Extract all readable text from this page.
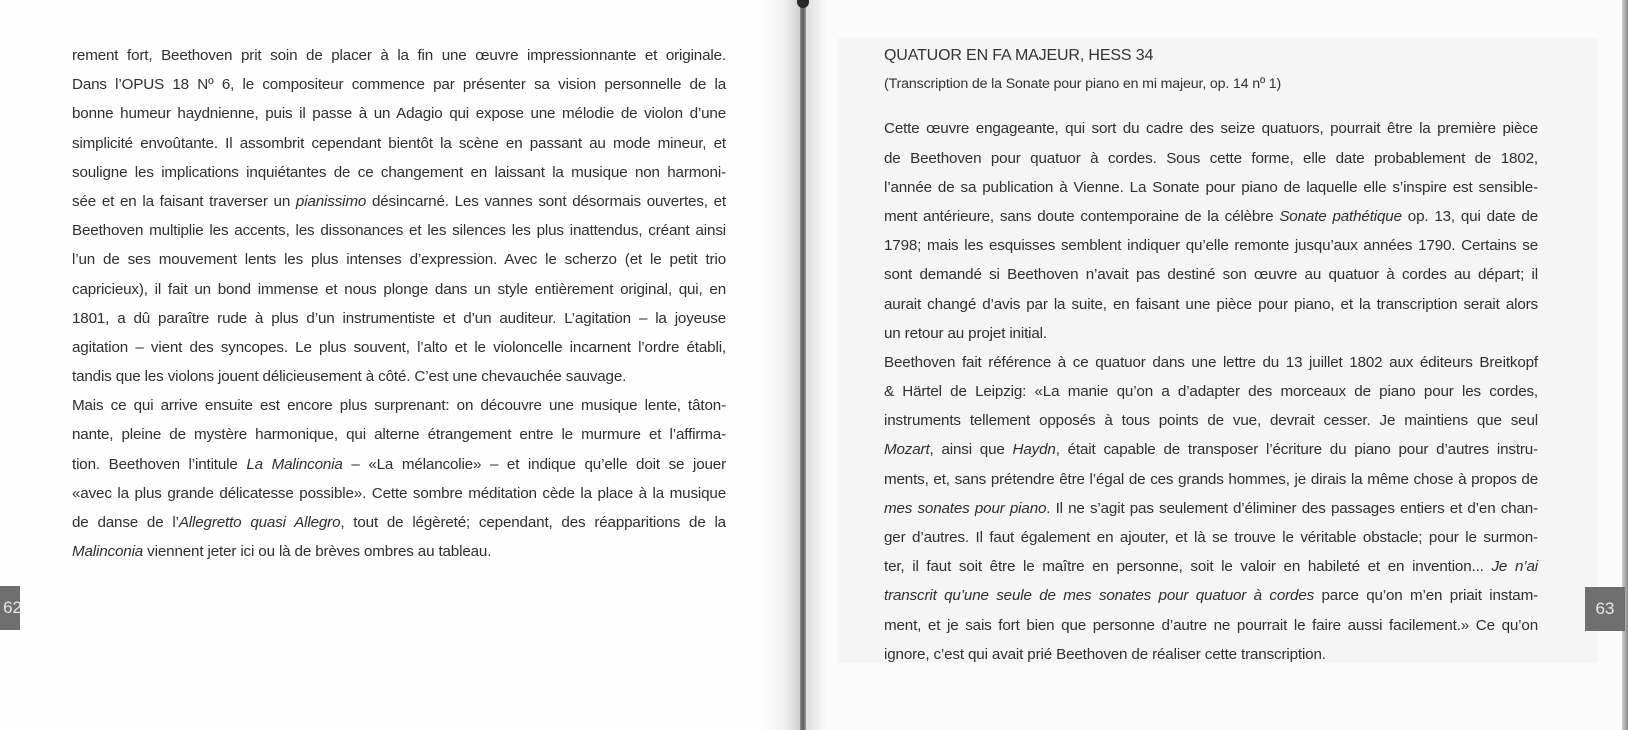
rement fort, Beethoven prit soin de placer à la fin une œuvre impressionnante et originale.
Dans l’OPUS 18 Nº 6, le compositeur commence par présenter sa vision personnelle de la
bonne humeur haydnienne, puis il passe à un Adagio qui expose une mélodie de violon d’une
simplicité envoûtante. Il assombrit cependant bientôt la scène en passant au mode mineur, et
souligne les implications inquiétantes de ce changement en laissant la musique non harmoni-
sée et en la faisant traverser un pianissimo désincarné. Les vannes sont désormais ouvertes, et
Beethoven multiplie les accents, les dissonances et les silences les plus inattendus, créant ainsi
l’un de ses mouvement lents les plus intenses d’expression. Avec le scherzo (et le petit trio
capricieux), il fait un bond immense et nous plonge dans un style entièrement original, qui, en
1801, a dû paraître rude à plus d’un instrumentiste et d’un auditeur. L’agitation – la joyeuse
agitation – vient des syncopes. Le plus souvent, l’alto et le violoncelle incarnent l’ordre établi,
tandis que les violons jouent délicieusement à côté. C’est une chevauchée sauvage.
Mais ce qui arrive ensuite est encore plus surprenant: on découvre une musique lente, tâton-
nante, pleine de mystère harmonique, qui alterne étrangement entre le murmure et l’affirma-
tion. Beethoven l’intitule La Malinconia – «La mélancolie» – et indique qu’elle doit se jouer
«avec la plus grande délicatesse possible». Cette sombre méditation cède la place à la musique
de danse de l’Allegretto quasi Allegro, tout de légèreté; cependant, des réapparitions de la
Malinconia viennent jeter ici ou là de brèves ombres au tableau.
QUATUOR EN FA MAJEUR, HESS 34
(Transcription de la Sonate pour piano en mi majeur, op. 14 nº 1)
Cette œuvre engageante, qui sort du cadre des seize quatuors, pourrait être la première pièce
de Beethoven pour quatuor à cordes. Sous cette forme, elle date probablement de 1802,
l’année de sa publication à Vienne. La Sonate pour piano de laquelle elle s’inspire est sensible-
ment antérieure, sans doute contemporaine de la célèbre Sonate pathétique op. 13, qui date de
1798; mais les esquisses semblent indiquer qu’elle remonte jusqu’aux années 1790. Certains se
sont demandé si Beethoven n’avait pas destiné son œuvre au quatuor à cordes au départ; il
aurait changé d’avis par la suite, en faisant une pièce pour piano, et la transcription serait alors
un retour au projet initial.
Beethoven fait référence à ce quatuor dans une lettre du 13 juillet 1802 aux éditeurs Breitkopf
& Härtel de Leipzig: «La manie qu’on a d’adapter des morceaux de piano pour les cordes,
instruments tellement opposés à tous points de vue, devrait cesser. Je maintiens que seul
Mozart, ainsi que Haydn, était capable de transposer l’écriture du piano pour d’autres instru-
ments, et, sans prétendre être l’égal de ces grands hommes, je dirais la même chose à propos de
mes sonates pour piano. Il ne s’agit pas seulement d’éliminer des passages entiers et d’en chan-
ger d’autres. Il faut également en ajouter, et là se trouve le véritable obstacle; pour le surmon-
ter, il faut soit être le maître en personne, soit le valoir en habileté et en invention... Je n’ai
transcrit qu’une seule de mes sonates pour quatuor à cordes parce qu’on m’en priait instam-
ment, et je sais fort bien que personne d’autre ne pourrait le faire aussi facilement.» Ce qu’on
ignore, c’est qui avait prié Beethoven de réaliser cette transcription.
62	63
